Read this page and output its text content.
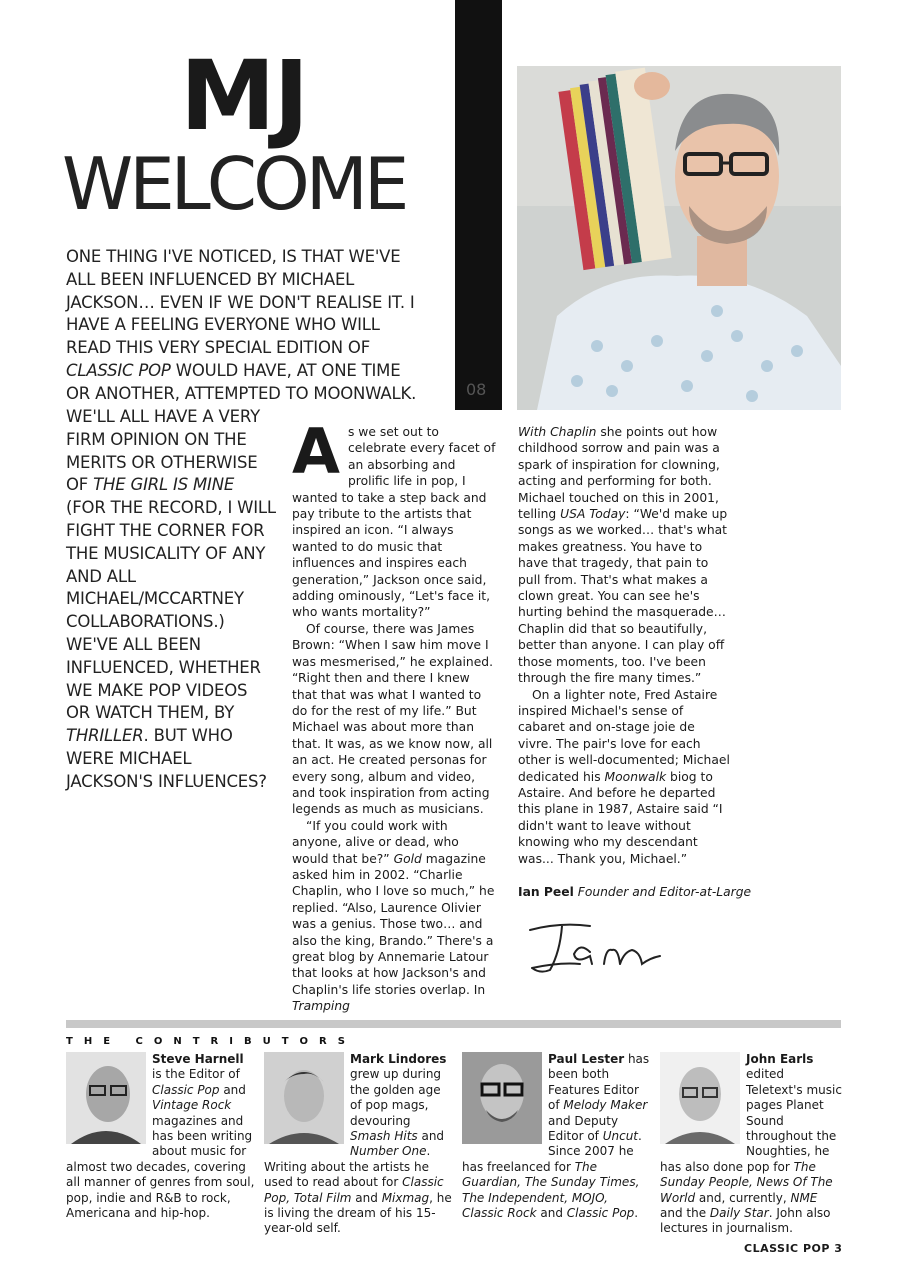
MJ
WELCOME
08
ONE THING I'VE NOTICED, IS THAT WE'VE ALL BEEN INFLUENCED BY MICHAEL JACKSON… EVEN IF WE DON'T REALISE IT. I HAVE A FEELING EVERYONE WHO WILL READ THIS VERY SPECIAL EDITION OF CLASSIC POP WOULD HAVE, AT ONE TIME OR ANOTHER, ATTEMPTED TO MOONWALK.
WE'LL ALL HAVE A VERY FIRM OPINION ON THE MERITS OR OTHERWISE OF THE GIRL IS MINE (FOR THE RECORD, I WILL FIGHT THE CORNER FOR THE MUSICALITY OF ANY AND ALL MICHAEL/MCCARTNEY COLLABORATIONS.) WE'VE ALL BEEN INFLUENCED, WHETHER WE MAKE POP VIDEOS OR WATCH THEM, BY THRILLER. BUT WHO WERE MICHAEL JACKSON'S INFLUENCES?

As we set out to celebrate every facet of an absorbing and prolific life in pop, I wanted to take a step back and pay tribute to the artists that inspired an icon. “I always wanted to do music that influences and inspires each generation,” Jackson once said, adding ominously, “Let's face it, who wants mortality?”

Of course, there was James Brown: “When I saw him move I was mesmerised,” he explained. “Right then and there I knew that that was what I wanted to do for the rest of my life.” But Michael was about more than that. It was, as we know now, all an act. He created personas for every song, album and video, and took inspiration from acting legends as much as musicians.

“If you could work with anyone, alive or dead, who would that be?” Gold magazine asked him in 2002. “Charlie Chaplin, who I love so much,” he replied. “Also, Laurence Olivier was a genius. Those two… and also the king, Brando.” There's a great blog by Annemarie Latour that looks at how Jackson's and Chaplin's life stories overlap. In Tramping

With Chaplin she points out how childhood sorrow and pain was a spark of inspiration for clowning, acting and performing for both. Michael touched on this in 2001, telling USA Today: “We'd make up songs as we worked… that's what makes greatness. You have to have that tragedy, that pain to pull from. That's what makes a clown great. You can see he's hurting behind the masquerade… Chaplin did that so beautifully, better than anyone. I can play off those moments, too. I've been through the fire many times.”

On a lighter note, Fred Astaire inspired Michael's sense of cabaret and on-stage joie de vivre. The pair's love for each other is well-documented; Michael dedicated his Moonwalk biog to Astaire. And before he departed this plane in 1987, Astaire said “I didn't want to leave without knowing who my descendant was... Thank you, Michael.”

Ian Peel Founder and Editor-at-Large
THE CONTRIBUTORS
Steve Harnell is the Editor of Classic Pop and Vintage Rock magazines and has been writing about music for almost two decades, covering all manner of genres from soul, pop, indie and R&B to rock, Americana and hip-hop.
Mark Lindores grew up during the golden age of pop mags, devouring Smash Hits and Number One. Writing about the artists he used to read about for Classic Pop, Total Film and Mixmag, he is living the dream of his 15-year-old self.
Paul Lester has been both Features Editor of Melody Maker and Deputy Editor of Uncut. Since 2007 he has freelanced for The Guardian, The Sunday Times, The Independent, MOJO, Classic Rock and Classic Pop.
John Earls edited Teletext's music pages Planet Sound throughout the Noughties, he has also done pop for The Sunday People, News Of The World and, currently, NME and the Daily Star. John also lectures in journalism.
CLASSIC POP 3
